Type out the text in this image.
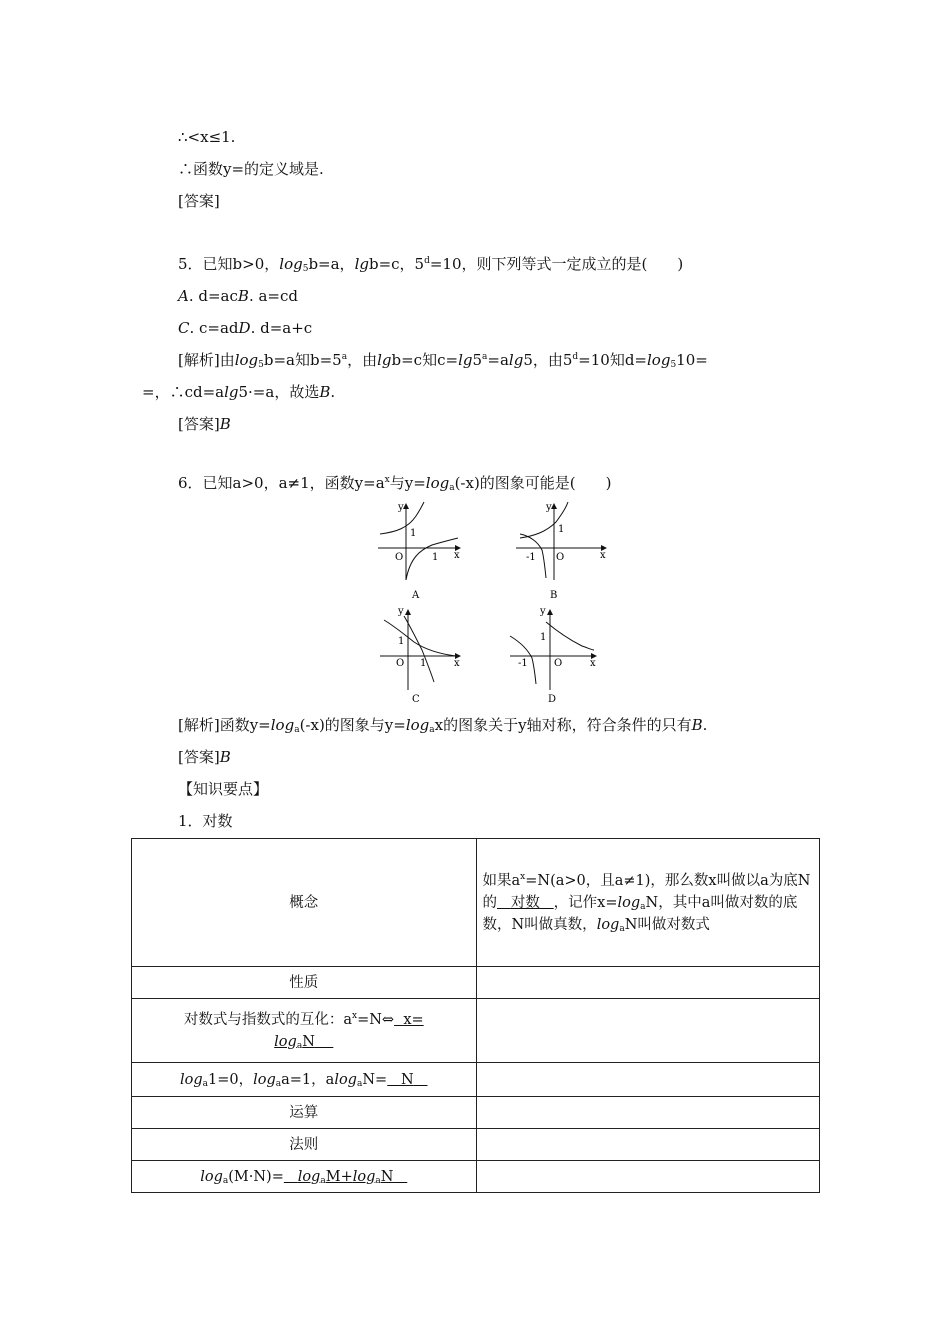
∴<x≤1.
∴函数y=的定义域是.
[答案]
5．已知b>0，$\log_5b=a$，lgb=c，$5^d=10$，则下列等式一定成立的是(　　)
A. d=acB. a=cd
C. c=adD. d=a+c
[解析]由$\log_5b=a$知$b=5^a$，由lgb=c知$c=\lg 5^a=alg5$，由$5^d=10$知$d=\log_510=$
=，∴cd=alg5·=a，故选B.
[答案]B
6．已知a>0，a≠1，函数$y=a^x$与$y=\log_a(-x)$的图象可能是(　　)
y
x
O
1
1
A
y
x
O
1
-1
B
y
x
O
1
1
C
y
x
O
1
-1
D
[解析]函数$y=\log_a(-x)$的图象与$y=\log_ax$的图象关于y轴对称，符合条件的只有B.
[答案]B
【知识要点】
1．对数
概念	如果$a^x=N(a>0$，且a≠1)，那么数x叫做以a为底N的 对数 ，记作$x=\log_aN$，其中a叫做对数的底数，N叫做真数，$\log_aN$叫做对数式
性质	
对数式与指数式的互化：$a^x=N\Leftrightarrow$ x=
$\log_aN$	
$\log_a1=0$，$\log_aa=1$，alog$_a$N= N	
运算	
法则	
$\log_a(M\cdot N)= \log_aM+\log_aN$	
